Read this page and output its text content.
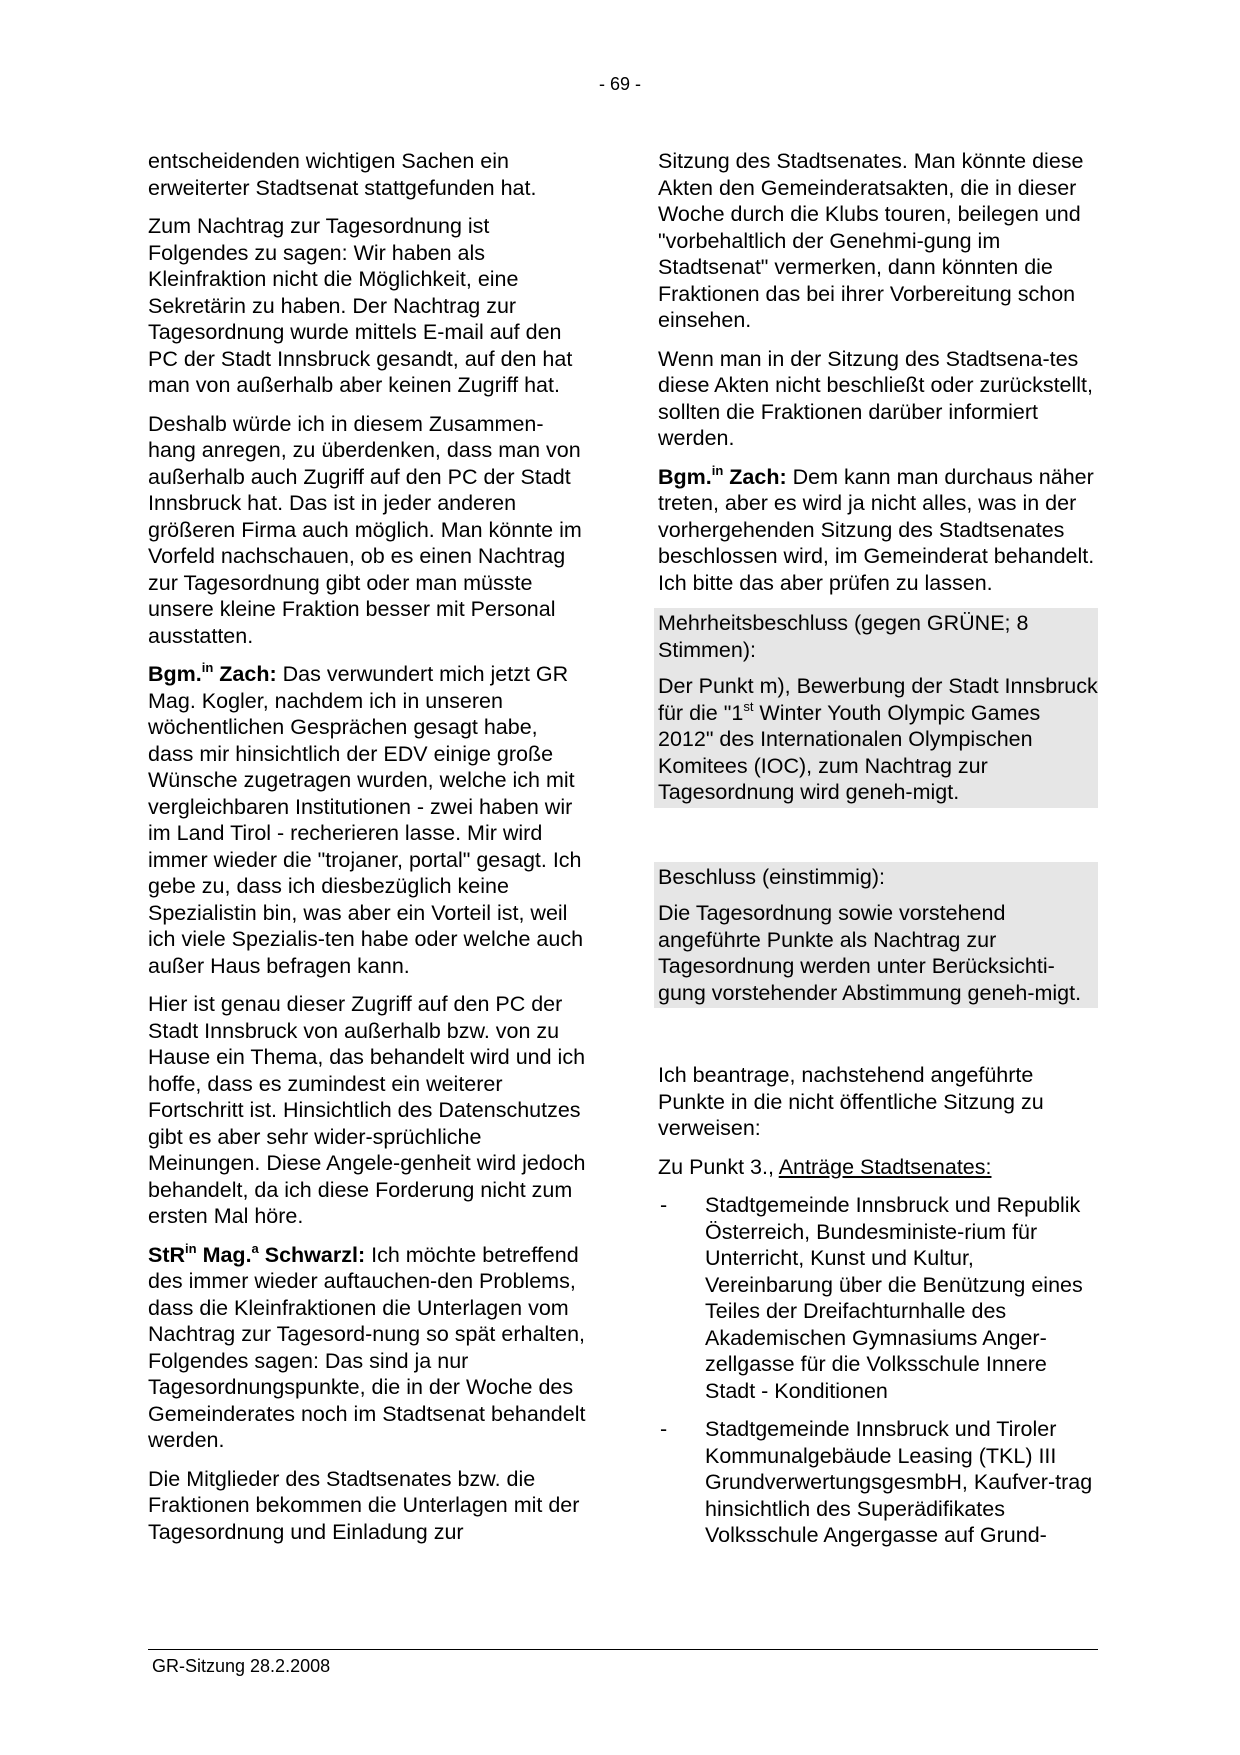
- 69 -

entscheidenden wichtigen Sachen ein erweiterter Stadtsenat stattgefunden hat.

Zum Nachtrag zur Tagesordnung ist Folgendes zu sagen: Wir haben als Kleinfraktion nicht die Möglichkeit, eine Sekretärin zu haben. Der Nachtrag zur Tagesordnung wurde mittels E-mail auf den PC der Stadt Innsbruck gesandt, auf den hat man von außerhalb aber keinen Zugriff hat.

Deshalb würde ich in diesem Zusammen-hang anregen, zu überdenken, dass man von außerhalb auch Zugriff auf den PC der Stadt Innsbruck hat. Das ist in jeder anderen größeren Firma auch möglich. Man könnte im Vorfeld nachschauen, ob es einen Nachtrag zur Tagesordnung gibt oder man müsste unsere kleine Fraktion besser mit Personal ausstatten.

Bgm.$^{in}$ Zach: Das verwundert mich jetzt GR Mag. Kogler, nachdem ich in unseren wöchentlichen Gesprächen gesagt habe, dass mir hinsichtlich der EDV einige große Wünsche zugetragen wurden, welche ich mit vergleichbaren Institutionen - zwei haben wir im Land Tirol - recherieren lasse. Mir wird immer wieder die "trojaner, portal" gesagt. Ich gebe zu, dass ich diesbezüglich keine Spezialistin bin, was aber ein Vorteil ist, weil ich viele Spezialis-ten habe oder welche auch außer Haus befragen kann.

Hier ist genau dieser Zugriff auf den PC der Stadt Innsbruck von außerhalb bzw. von zu Hause ein Thema, das behandelt wird und ich hoffe, dass es zumindest ein weiterer Fortschritt ist. Hinsichtlich des Datenschutzes gibt es aber sehr wider-sprüchliche Meinungen. Diese Angele-genheit wird jedoch behandelt, da ich diese Forderung nicht zum ersten Mal höre.

StR$^{in}$ Mag.$^a$ Schwarzl: Ich möchte betreffend des immer wieder auftauchen-den Problems, dass die Kleinfraktionen die Unterlagen vom Nachtrag zur Tagesord-nung so spät erhalten, Folgendes sagen: Das sind ja nur Tagesordnungspunkte, die in der Woche des Gemeinderates noch im Stadtsenat behandelt werden.

Die Mitglieder des Stadtsenates bzw. die Fraktionen bekommen die Unterlagen mit der Tagesordnung und Einladung zur

Sitzung des Stadtsenates. Man könnte diese Akten den Gemeinderatsakten, die in dieser Woche durch die Klubs touren, beilegen und "vorbehaltlich der Genehmi-gung im Stadtsenat" vermerken, dann könnten die Fraktionen das bei ihrer Vorbereitung schon einsehen.

Wenn man in der Sitzung des Stadtsena-tes diese Akten nicht beschließt oder zurückstellt, sollten die Fraktionen darüber informiert werden.

Bgm.$^{in}$ Zach: Dem kann man durchaus näher treten, aber es wird ja nicht alles, was in der vorhergehenden Sitzung des Stadtsenates beschlossen wird, im Gemeinderat behandelt. Ich bitte das aber prüfen zu lassen.

Mehrheitsbeschluss (gegen GRÜNE; 8 Stimmen):

Der Punkt m), Bewerbung der Stadt Innsbruck für die "1st Winter Youth Olympic Games 2012" des Internationalen Olympischen Komitees (IOC), zum Nachtrag zur Tagesordnung wird geneh-migt.

Beschluss (einstimmig):

Die Tagesordnung sowie vorstehend angeführte Punkte als Nachtrag zur Tagesordnung werden unter Berücksichti-gung vorstehender Abstimmung geneh-migt.

Ich beantrage, nachstehend angeführte Punkte in die nicht öffentliche Sitzung zu verweisen:

Zu Punkt 3., Anträge Stadtsenates:

- Stadtgemeinde Innsbruck und Republik Österreich, Bundesministe-rium für Unterricht, Kunst und Kultur, Vereinbarung über die Benützung eines Teiles der Dreifachturnhalle des Akademischen Gymnasiums Anger-zellgasse für die Volksschule Innere Stadt - Konditionen
- Stadtgemeinde Innsbruck und Tiroler Kommunalgebäude Leasing (TKL) III GrundverwertungsgesmbH, Kaufver-trag hinsichtlich des Superädifikates Volksschule Angergasse auf Grund-
GR-Sitzung 28.2.2008
